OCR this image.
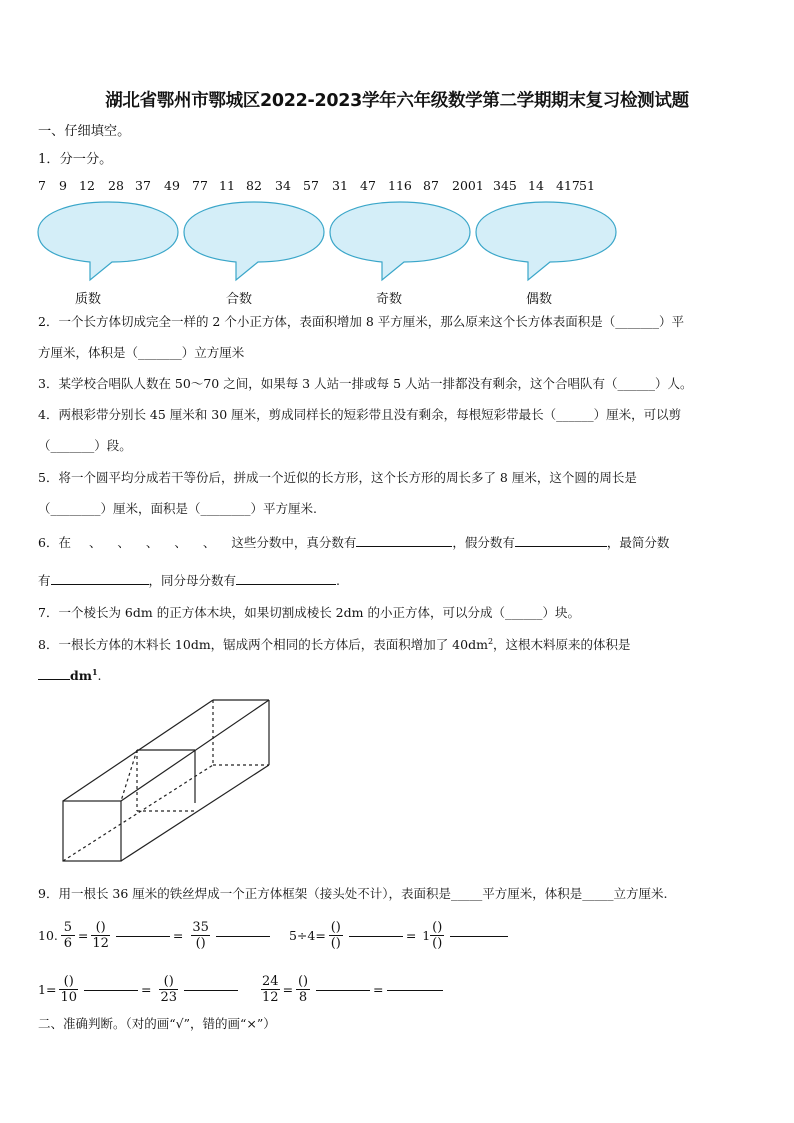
湖北省鄂州市鄂城区2022-2023学年六年级数学第二学期期末复习检测试题
一、仔细填空。
1．分一分。
7 9 12 28 37 49 77 11 82 34 57 31 47 116 87 2001 345 14 417 51
质数	合数	奇数	偶数
2．一个长方体切成完全一样的 2 个小正方体，表面积增加 8 平方厘米，那么原来这个长方体表面积是（_______）平
方厘米，体积是（_______）立方厘米
3．某学校合唱队人数在 50～70 之间，如果每 3 人站一排或每 5 人站一排都没有剩余，这个合唱队有（______）人。
4．两根彩带分别长 45 厘米和 30 厘米，剪成同样长的短彩带且没有剩余，每根短彩带最长（______）厘米，可以剪
（_______）段。
5．将一个圆平均分成若干等份后，拼成一个近似的长方形，这个长方形的周长多了 8 厘米，这个圆的周长是
（________）厘米，面积是（________）平方厘米.
6．在 、 、 、 、 、 这些分数中，真分数有	，假分数有	，最简分数
有	，同分母分数有	.
7．一个棱长为 6dm 的正方体木块，如果切割成棱长 2dm 的小正方体，可以分成（______）块。
8．一根长方体的木料长 10dm，锯成两个相同的长方体后，表面积增加了 $40dm^2$，这根木料原来的体积是
$dm^1$.
9．用一根长 36 厘米的铁丝焊成一个正方体框架（接头处不计），表面积是_____平方厘米，体积是_____立方厘米.
10. $\frac{5}{6} = \frac{()}{12}$	= $\frac{35}{()}$	$5\div 4= \frac{()}{()}$	= $1 \frac{()}{()}$
$1= \frac{()}{10}$	= $\frac{()}{23}$	$\frac{24}{12} = \frac{()}{8}$	=
二、准确判断。（对的画“√”，错的画“×”）
